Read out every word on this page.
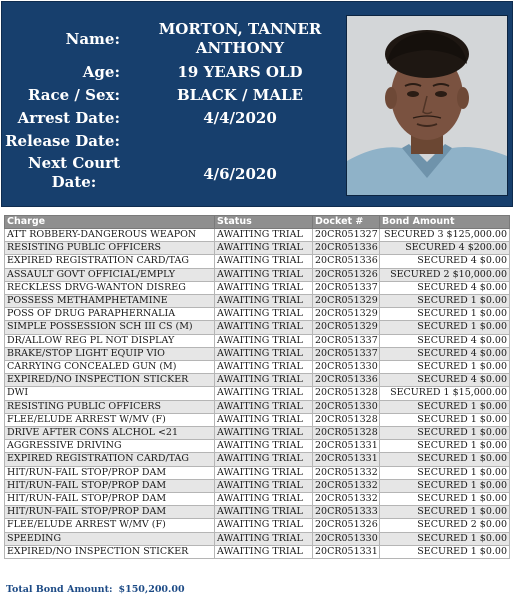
Name:
MORTON, TANNER
ANTHONY
Age:	19 YEARS OLD
Race / Sex:	BLACK / MALE
Arrest Date:	4/4/2020
Release Date:
Next Court
Date:	4/6/2020
Charge	Status	Docket #	Bond Amount
ATT ROBBERY-DANGEROUS WEAPON	AWAITING TRIAL	20CR051327	SECURED 3 $125,000.00
RESISTING PUBLIC OFFICERS	AWAITING TRIAL	20CR051336	SECURED 4 $200.00
EXPIRED REGISTRATION CARD/TAG	AWAITING TRIAL	20CR051336	SECURED 4 $0.00
ASSAULT GOVT OFFICIAL/EMPLY	AWAITING TRIAL	20CR051326	SECURED 2 $10,000.00
RECKLESS DRVG-WANTON DISREG	AWAITING TRIAL	20CR051337	SECURED 4 $0.00
POSSESS METHAMPHETAMINE	AWAITING TRIAL	20CR051329	SECURED 1 $0.00
POSS OF DRUG PARAPHERNALIA	AWAITING TRIAL	20CR051329	SECURED 1 $0.00
SIMPLE POSSESSION SCH III CS (M)	AWAITING TRIAL	20CR051329	SECURED 1 $0.00
DR/ALLOW REG PL NOT DISPLAY	AWAITING TRIAL	20CR051337	SECURED 4 $0.00
BRAKE/STOP LIGHT EQUIP VIO	AWAITING TRIAL	20CR051337	SECURED 4 $0.00
CARRYING CONCEALED GUN (M)	AWAITING TRIAL	20CR051330	SECURED 1 $0.00
EXPIRED/NO INSPECTION STICKER	AWAITING TRIAL	20CR051336	SECURED 4 $0.00
DWI	AWAITING TRIAL	20CR051328	SECURED 1 $15,000.00
RESISTING PUBLIC OFFICERS	AWAITING TRIAL	20CR051330	SECURED 1 $0.00
FLEE/ELUDE ARREST W/MV (F)	AWAITING TRIAL	20CR051328	SECURED 1 $0.00
DRIVE AFTER CONS ALCHOL <21	AWAITING TRIAL	20CR051328	SECURED 1 $0.00
AGGRESSIVE DRIVING	AWAITING TRIAL	20CR051331	SECURED 1 $0.00
EXPIRED REGISTRATION CARD/TAG	AWAITING TRIAL	20CR051331	SECURED 1 $0.00
HIT/RUN-FAIL STOP/PROP DAM	AWAITING TRIAL	20CR051332	SECURED 1 $0.00
HIT/RUN-FAIL STOP/PROP DAM	AWAITING TRIAL	20CR051332	SECURED 1 $0.00
HIT/RUN-FAIL STOP/PROP DAM	AWAITING TRIAL	20CR051332	SECURED 1 $0.00
HIT/RUN-FAIL STOP/PROP DAM	AWAITING TRIAL	20CR051333	SECURED 1 $0.00
FLEE/ELUDE ARREST W/MV (F)	AWAITING TRIAL	20CR051326	SECURED 2 $0.00
SPEEDING	AWAITING TRIAL	20CR051330	SECURED 1 $0.00
EXPIRED/NO INSPECTION STICKER	AWAITING TRIAL	20CR051331	SECURED 1 $0.00
Total Bond Amount: $150,200.00
